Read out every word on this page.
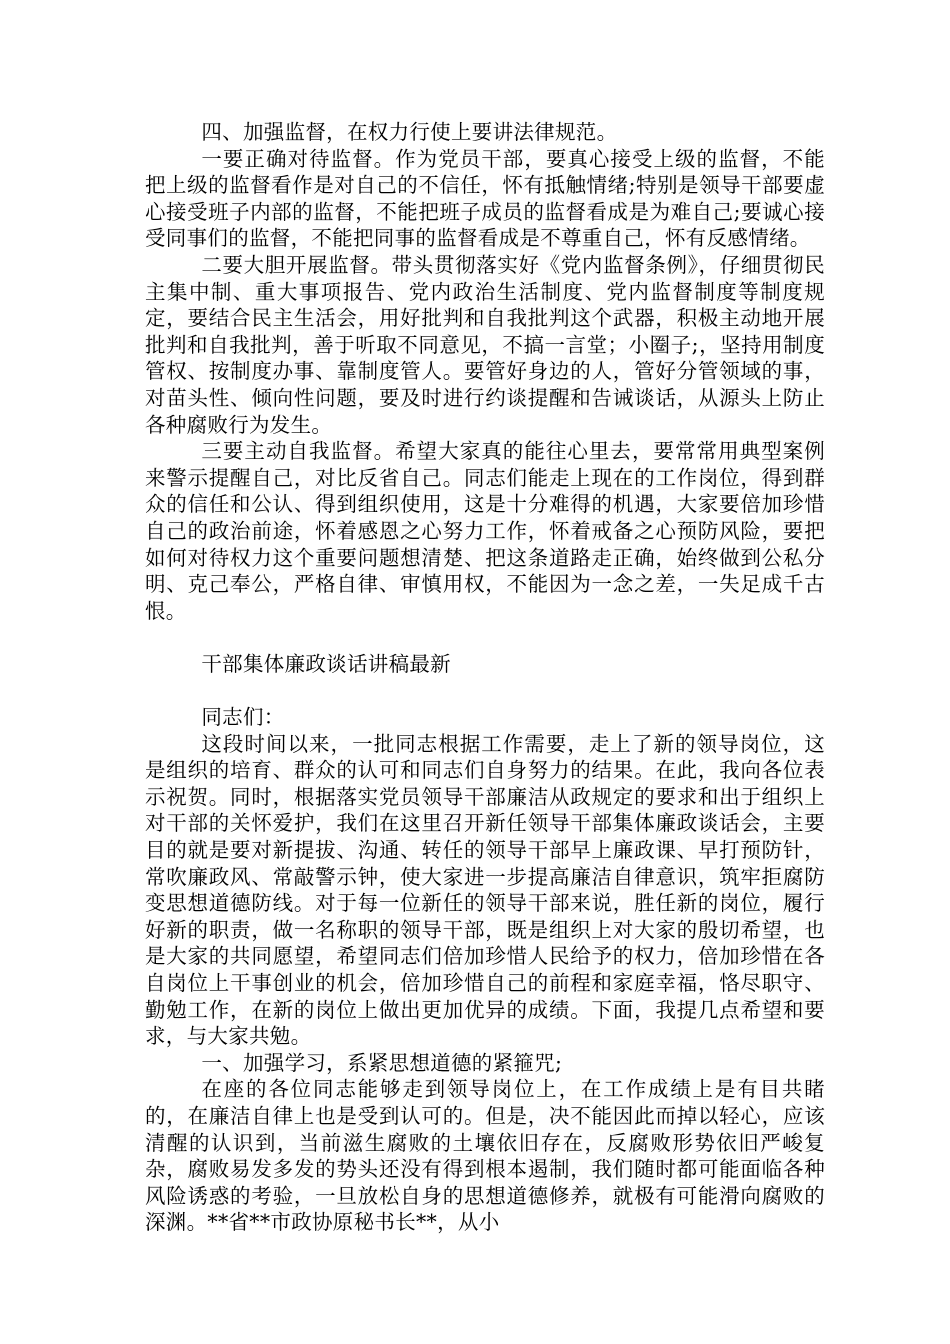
四、加强监督，在权力行使上要讲法律规范。

一要正确对待监督。作为党员干部，要真心接受上级的监督，不能把上级的监督看作是对自己的不信任，怀有抵触情绪;特别是领导干部要虚心接受班子内部的监督，不能把班子成员的监督看成是为难自己;要诚心接受同事们的监督，不能把同事的监督看成是不尊重自己，怀有反感情绪。

二要大胆开展监督。带头贯彻落实好《党内监督条例》，仔细贯彻民主集中制、重大事项报告、党内政治生活制度、党内监督制度等制度规定，要结合民主生活会，用好批判和自我批判这个武器，积极主动地开展批判和自我批判，善于听取不同意见，不搞一言堂；小圈子;，坚持用制度管权、按制度办事、靠制度管人。要管好身边的人，管好分管领域的事，对苗头性、倾向性问题，要及时进行约谈提醒和告诫谈话，从源头上防止各种腐败行为发生。

三要主动自我监督。希望大家真的能往心里去，要常常用典型案例来警示提醒自己，对比反省自己。同志们能走上现在的工作岗位，得到群众的信任和公认、得到组织使用，这是十分难得的机遇，大家要倍加珍惜自己的政治前途，怀着感恩之心努力工作，怀着戒备之心预防风险，要把如何对待权力这个重要问题想清楚、把这条道路走正确，始终做到公私分明、克己奉公，严格自律、审慎用权，不能因为一念之差，一失足成千古恨。

干部集体廉政谈话讲稿最新

同志们：

这段时间以来，一批同志根据工作需要，走上了新的领导岗位，这是组织的培育、群众的认可和同志们自身努力的结果。在此，我向各位表示祝贺。同时，根据落实党员领导干部廉洁从政规定的要求和出于组织上对干部的关怀爱护，我们在这里召开新任领导干部集体廉政谈话会，主要目的就是要对新提拔、沟通、转任的领导干部早上廉政课、早打预防针，常吹廉政风、常敲警示钟，使大家进一步提高廉洁自律意识，筑牢拒腐防变思想道德防线。对于每一位新任的领导干部来说，胜任新的岗位，履行好新的职责，做一名称职的领导干部，既是组织上对大家的殷切希望，也是大家的共同愿望，希望同志们倍加珍惜人民给予的权力，倍加珍惜在各自岗位上干事创业的机会，倍加珍惜自己的前程和家庭幸福，恪尽职守、勤勉工作，在新的岗位上做出更加优异的成绩。下面，我提几点希望和要求，与大家共勉。

一、加强学习，系紧思想道德的紧箍咒;

在座的各位同志能够走到领导岗位上，在工作成绩上是有目共睹的，在廉洁自律上也是受到认可的。但是，决不能因此而掉以轻心，应该清醒的认识到，当前滋生腐败的土壤依旧存在，反腐败形势依旧严峻复杂，腐败易发多发的势头还没有得到根本遏制，我们随时都可能面临各种风险诱惑的考验，一旦放松自身的思想道德修养，就极有可能滑向腐败的深渊。**省**市政协原秘书长**，从小
